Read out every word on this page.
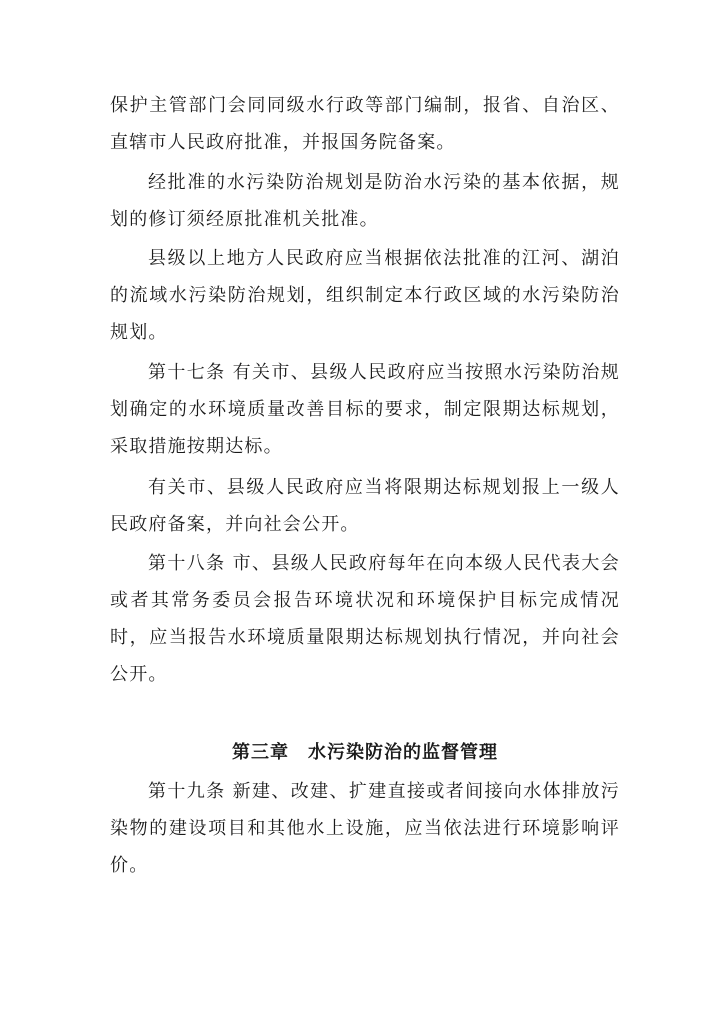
保护主管部门会同同级水行政等部门编制，报省、自治区、直辖市人民政府批准，并报国务院备案。

经批准的水污染防治规划是防治水污染的基本依据，规划的修订须经原批准机关批准。

县级以上地方人民政府应当根据依法批准的江河、湖泊的流域水污染防治规划，组织制定本行政区域的水污染防治规划。

第十七条 有关市、县级人民政府应当按照水污染防治规划确定的水环境质量改善目标的要求，制定限期达标规划，采取措施按期达标。

有关市、县级人民政府应当将限期达标规划报上一级人民政府备案，并向社会公开。

第十八条 市、县级人民政府每年在向本级人民代表大会或者其常务委员会报告环境状况和环境保护目标完成情况时，应当报告水环境质量限期达标规划执行情况，并向社会公开。

第三章　水污染防治的监督管理

第十九条 新建、改建、扩建直接或者间接向水体排放污染物的建设项目和其他水上设施，应当依法进行环境影响评价。
